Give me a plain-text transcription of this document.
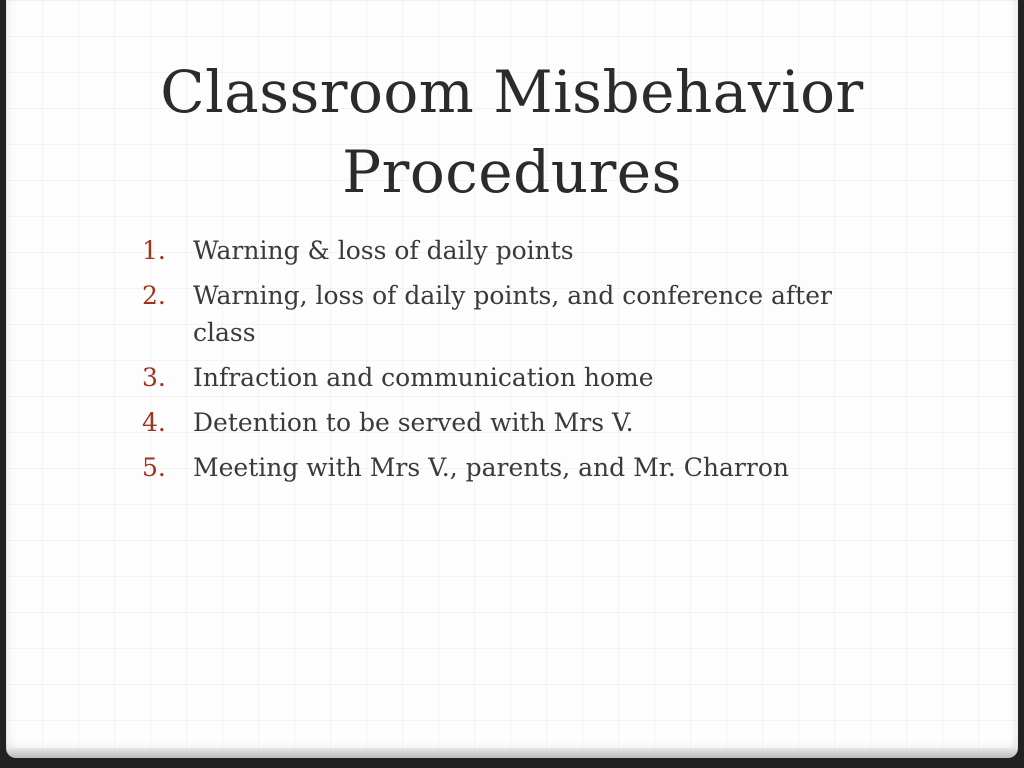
Classroom Misbehavior
Procedures
1.	Warning & loss of daily points
2.	Warning, loss of daily points, and conference after class
3.	Infraction and communication home
4.	Detention to be served with Mrs V.
5.	Meeting with Mrs V., parents, and Mr. Charron
